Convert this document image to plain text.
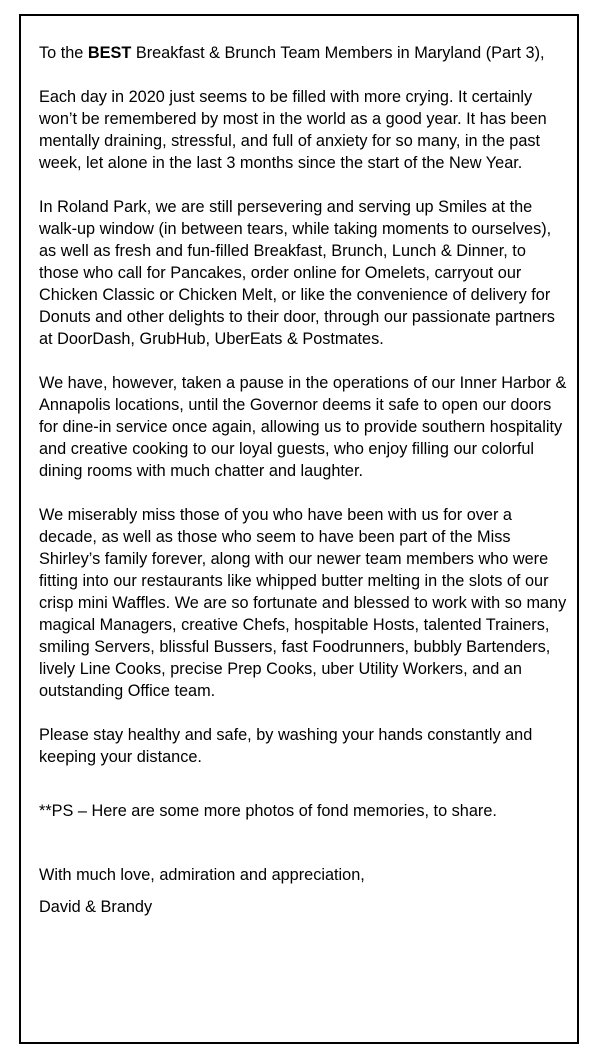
To the BEST Breakfast & Brunch Team Members in Maryland (Part 3),

Each day in 2020 just seems to be filled with more crying. It certainly won’t be remembered by most in the world as a good year. It has been mentally draining, stressful, and full of anxiety for so many, in the past week, let alone in the last 3 months since the start of the New Year.

In Roland Park, we are still persevering and serving up Smiles at the walk-up window (in between tears, while taking moments to ourselves), as well as fresh and fun-filled Breakfast, Brunch, Lunch & Dinner, to those who call for Pancakes, order online for Omelets, carryout our Chicken Classic or Chicken Melt, or like the convenience of delivery for Donuts and other delights to their door, through our passionate partners at DoorDash, GrubHub, UberEats & Postmates.

We have, however, taken a pause in the operations of our Inner Harbor & Annapolis locations, until the Governor deems it safe to open our doors for dine-in service once again, allowing us to provide southern hospitality and creative cooking to our loyal guests, who enjoy filling our colorful dining rooms with much chatter and laughter.

We miserably miss those of you who have been with us for over a decade, as well as those who seem to have been part of the Miss Shirley’s family forever, along with our newer team members who were fitting into our restaurants like whipped butter melting in the slots of our crisp mini Waffles. We are so fortunate and blessed to work with so many magical Managers, creative Chefs, hospitable Hosts, talented Trainers, smiling Servers, blissful Bussers, fast Foodrunners, bubbly Bartenders, lively Line Cooks, precise Prep Cooks, uber Utility Workers, and an outstanding Office team.

Please stay healthy and safe, by washing your hands constantly and keeping your distance.

**PS – Here are some more photos of fond memories, to share.

With much love, admiration and appreciation,

David & Brandy
